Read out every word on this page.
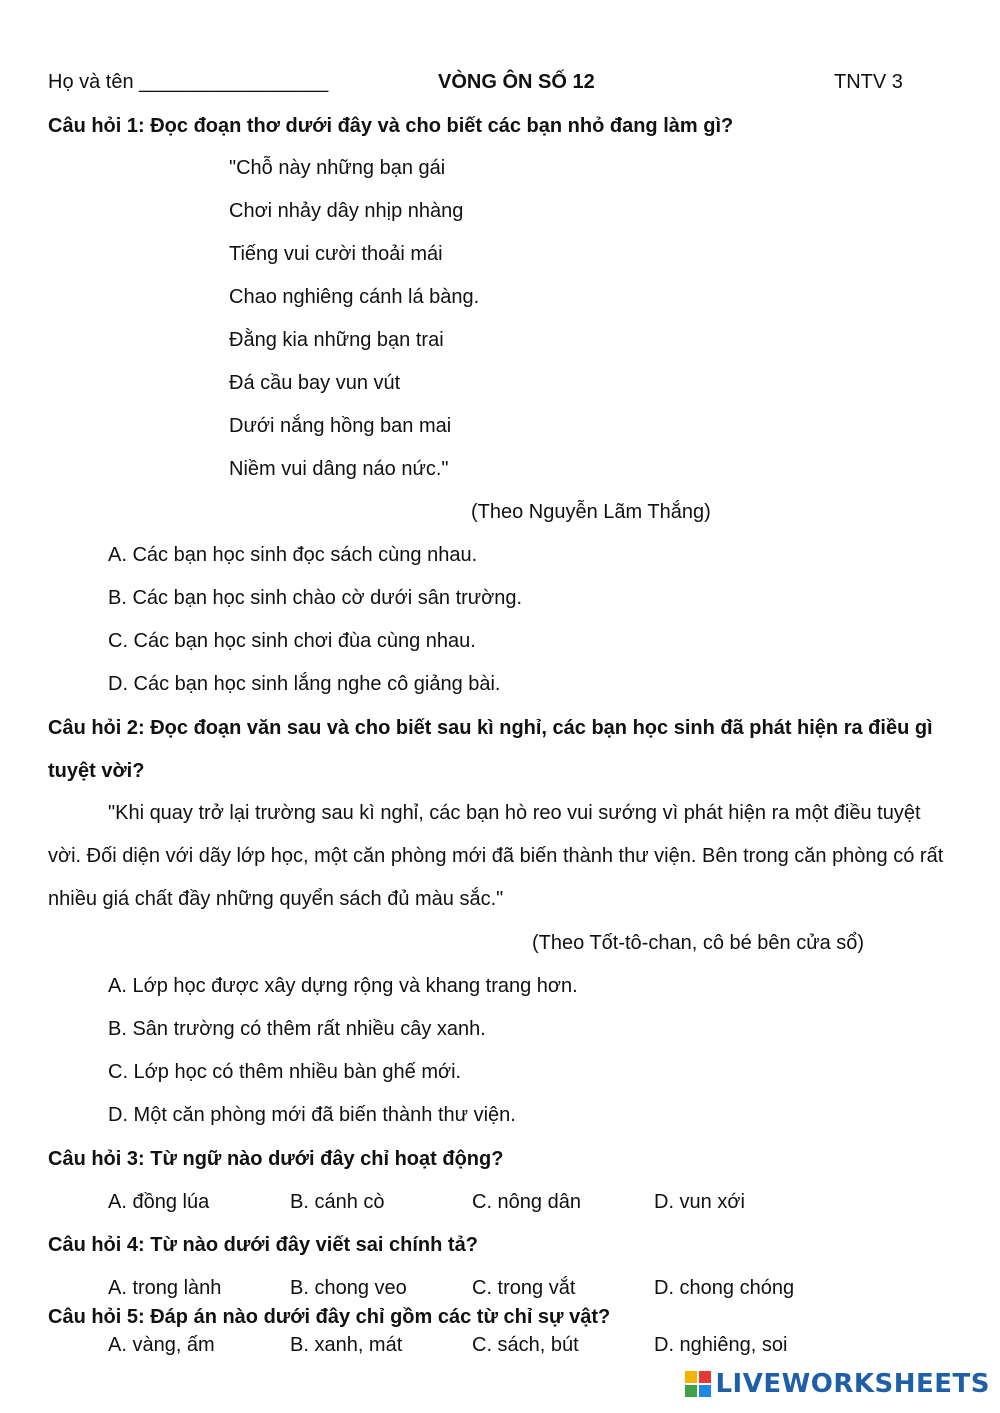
Họ và tên _________________	VÒNG ÔN SỐ 12	TNTV 3
Câu hỏi 1: Đọc đoạn thơ dưới đây và cho biết các bạn nhỏ đang làm gì?
"Chỗ này những bạn gái
Chơi nhảy dây nhịp nhàng
Tiếng vui cười thoải mái
Chao nghiêng cánh lá bàng.
Đằng kia những bạn trai
Đá cầu bay vun vút
Dưới nắng hồng ban mai
Niềm vui dâng náo nức."
(Theo Nguyễn Lãm Thắng)
A. Các bạn học sinh đọc sách cùng nhau.
B. Các bạn học sinh chào cờ dưới sân trường.
C. Các bạn học sinh chơi đùa cùng nhau.
D. Các bạn học sinh lắng nghe cô giảng bài.
Câu hỏi 2: Đọc đoạn văn sau và cho biết sau kì nghỉ, các bạn học sinh đã phát hiện ra điều gì
tuyệt vời?
"Khi quay trở lại trường sau kì nghỉ, các bạn hò reo vui sướng vì phát hiện ra một điều tuyệt vời. Đối diện với dãy lớp học, một căn phòng mới đã biến thành thư viện. Bên trong căn phòng có rất nhiều giá chất đầy những quyển sách đủ màu sắc."
(Theo Tốt-tô-chan, cô bé bên cửa sổ)
A. Lớp học được xây dựng rộng và khang trang hơn.
B. Sân trường có thêm rất nhiều cây xanh.
C. Lớp học có thêm nhiều bàn ghế mới.
D. Một căn phòng mới đã biến thành thư viện.
Câu hỏi 3: Từ ngữ nào dưới đây chỉ hoạt động?
A. đồng lúa	B. cánh cò	C. nông dân	D. vun xới
Câu hỏi 4: Từ nào dưới đây viết sai chính tả?
A. trong lành	B. chong veo	C. trong vắt	D. chong chóng
Câu hỏi 5: Đáp án nào dưới đây chỉ gồm các từ chỉ sự vật?
A. vàng, ấm	B. xanh, mát	C. sách, bút	D. nghiêng, soi
LIVEWORKSHEETS
